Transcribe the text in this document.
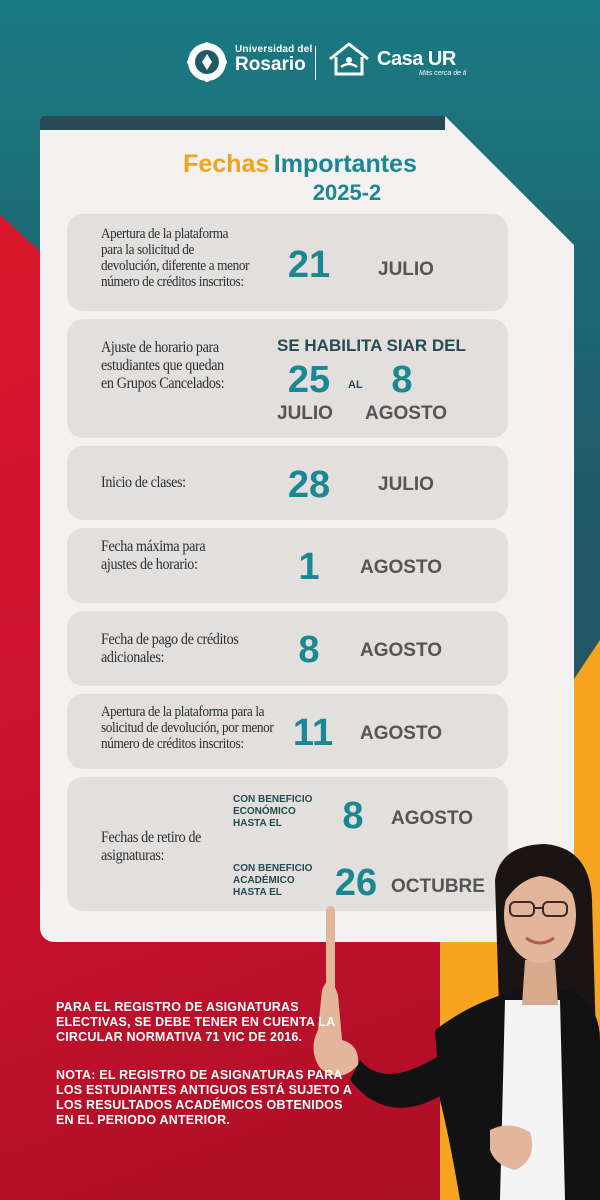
Universidad del
Rosario	Casa UR
Más cerca de ti
Fechas Importantes
2025-2
Apertura de la plataforma para la solicitud de devolución, diferente a menor número de créditos inscritos: 21	JULIO
Ajuste de horario para estudiantes que quedan en Grupos Cancelados:
SE HABILITA SIAR DEL
25	AL 8
JULIO AGOSTO
Inicio de clases:	28	JULIO
Fecha máxima para ajustes de horario:	1	AGOSTO
Fecha de pago de créditos adicionales:	8	AGOSTO
Apertura de la plataforma para la solicitud de devolución, por menor número de créditos inscritos:	11	AGOSTO
Fechas de retiro de asignaturas:
CON BENEFICIO ECONÓMICO HASTA EL	8	AGOSTO
CON BENEFICIO ACADÉMICO HASTA EL	26 OCTUBRE
PARA EL REGISTRO DE ASIGNATURAS ELECTIVAS, SE DEBE TENER EN CUENTA LA CIRCULAR NORMATIVA 71 VIC DE 2016.
NOTA: EL REGISTRO DE ASIGNATURAS PARA LOS ESTUDIANTES ANTIGUOS ESTÁ SUJETO A LOS RESULTADOS ACADÉMICOS OBTENIDOS EN EL PERIODO ANTERIOR.
